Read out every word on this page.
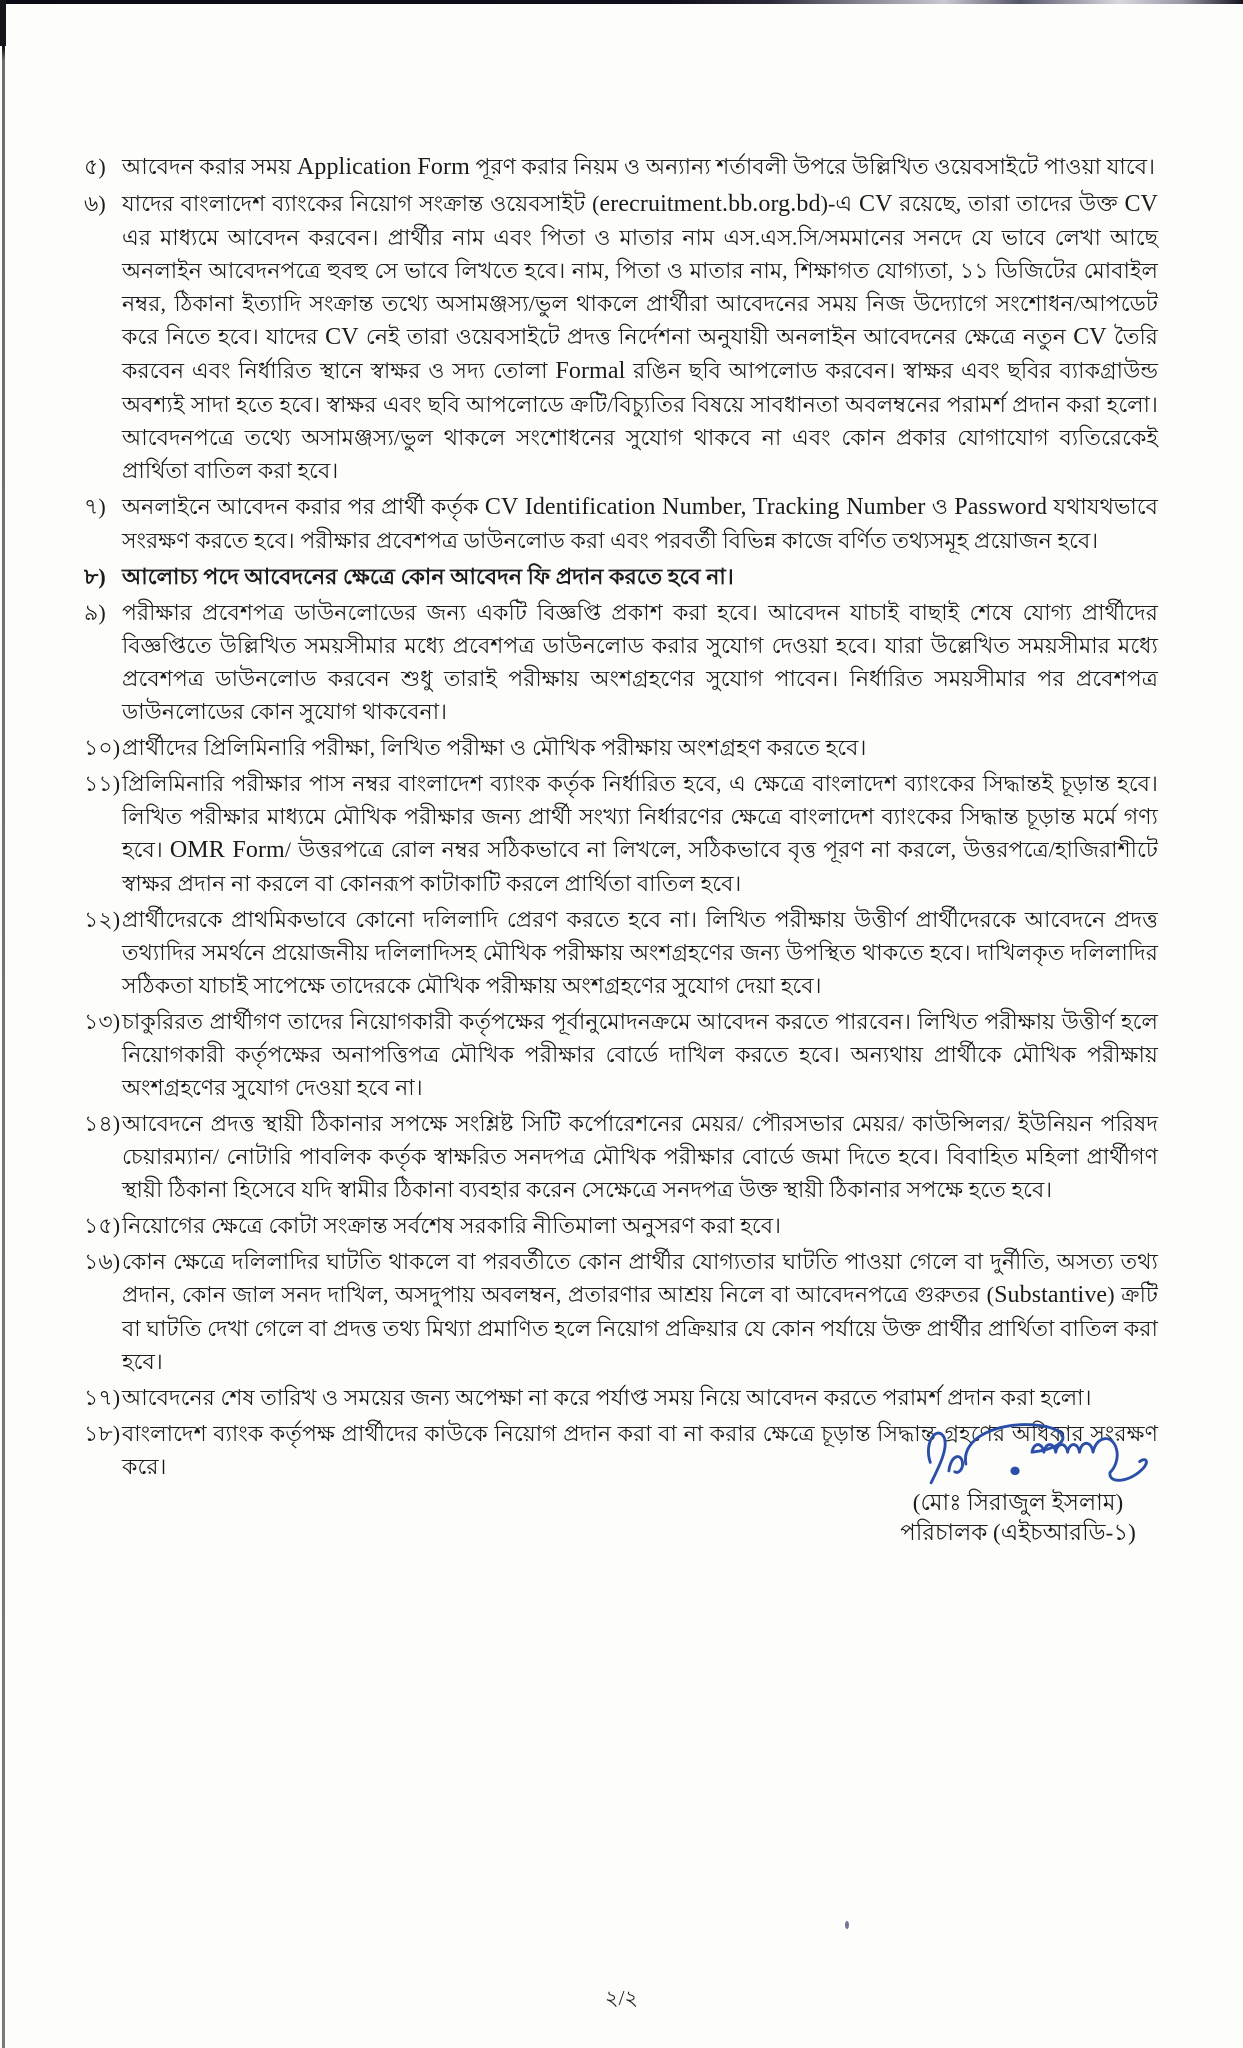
৫) আবেদন করার সময় Application Form পূরণ করার নিয়ম ও অন্যান্য শর্তাবলী উপরে উল্লিখিত ওয়েবসাইটে পাওয়া যাবে।
৬) যাদের বাংলাদেশ ব্যাংকের নিয়োগ সংক্রান্ত ওয়েবসাইট (erecruitment.bb.org.bd)-এ CV রয়েছে, তারা তাদের উক্ত CV এর মাধ্যমে আবেদন করবেন। প্রার্থীর নাম এবং পিতা ও মাতার নাম এস.এস.সি/সমমানের সনদে যে ভাবে লেখা আছে অনলাইন আবেদনপত্রে হুবহু সে ভাবে লিখতে হবে। নাম, পিতা ও মাতার নাম, শিক্ষাগত যোগ্যতা, ১১ ডিজিটের মোবাইল নম্বর, ঠিকানা ইত্যাদি সংক্রান্ত তথ্যে অসামঞ্জস্য/ভুল থাকলে প্রার্থীরা আবেদনের সময় নিজ উদ্যোগে সংশোধন/আপডেট করে নিতে হবে। যাদের CV নেই তারা ওয়েবসাইটে প্রদত্ত নির্দেশনা অনুযায়ী অনলাইন আবেদনের ক্ষেত্রে নতুন CV তৈরি করবেন এবং নির্ধারিত স্থানে স্বাক্ষর ও সদ্য তোলা Formal রঙিন ছবি আপলোড করবেন। স্বাক্ষর এবং ছবির ব্যাকগ্রাউন্ড অবশ্যই সাদা হতে হবে। স্বাক্ষর এবং ছবি আপলোডে ক্রটি/বিচ্যুতির বিষয়ে সাবধানতা অবলম্বনের পরামর্শ প্রদান করা হলো। আবেদনপত্রে তথ্যে অসামঞ্জস্য/ভুল থাকলে সংশোধনের সুযোগ থাকবে না এবং কোন প্রকার যোগাযোগ ব্যতিরেকেই প্রার্থিতা বাতিল করা হবে।
৭) অনলাইনে আবেদন করার পর প্রার্থী কর্তৃক CV Identification Number, Tracking Number ও Password যথাযথভাবে সংরক্ষণ করতে হবে। পরীক্ষার প্রবেশপত্র ডাউনলোড করা এবং পরবর্তী বিভিন্ন কাজে বর্ণিত তথ্যসমূহ প্রয়োজন হবে।
৮) আলোচ্য পদে আবেদনের ক্ষেত্রে কোন আবেদন ফি প্রদান করতে হবে না।
৯) পরীক্ষার প্রবেশপত্র ডাউনলোডের জন্য একটি বিজ্ঞপ্তি প্রকাশ করা হবে। আবেদন যাচাই বাছাই শেষে যোগ্য প্রার্থীদের বিজ্ঞপ্তিতে উল্লিখিত সময়সীমার মধ্যে প্রবেশপত্র ডাউনলোড করার সুযোগ দেওয়া হবে। যারা উল্লেখিত সময়সীমার মধ্যে প্রবেশপত্র ডাউনলোড করবেন শুধু তারাই পরীক্ষায় অংশগ্রহণের সুযোগ পাবেন। নির্ধারিত সময়সীমার পর প্রবেশপত্র ডাউনলোডের কোন সুযোগ থাকবেনা।
১০) প্রার্থীদের প্রিলিমিনারি পরীক্ষা, লিখিত পরীক্ষা ও মৌখিক পরীক্ষায় অংশগ্রহণ করতে হবে।
১১) প্রিলিমিনারি পরীক্ষার পাস নম্বর বাংলাদেশ ব্যাংক কর্তৃক নির্ধারিত হবে, এ ক্ষেত্রে বাংলাদেশ ব্যাংকের সিদ্ধান্তই চূড়ান্ত হবে। লিখিত পরীক্ষার মাধ্যমে মৌখিক পরীক্ষার জন্য প্রার্থী সংখ্যা নির্ধারণের ক্ষেত্রে বাংলাদেশ ব্যাংকের সিদ্ধান্ত চূড়ান্ত মর্মে গণ্য হবে। OMR Form/ উত্তরপত্রে রোল নম্বর সঠিকভাবে না লিখলে, সঠিকভাবে বৃত্ত পূরণ না করলে, উত্তরপত্রে/হাজিরাশীটে স্বাক্ষর প্রদান না করলে বা কোনরূপ কাটাকাটি করলে প্রার্থিতা বাতিল হবে।
১২) প্রার্থীদেরকে প্রাথমিকভাবে কোনো দলিলাদি প্রেরণ করতে হবে না। লিখিত পরীক্ষায় উত্তীর্ণ প্রার্থীদেরকে আবেদনে প্রদত্ত তথ্যাদির সমর্থনে প্রয়োজনীয় দলিলাদিসহ মৌখিক পরীক্ষায় অংশগ্রহণের জন্য উপস্থিত থাকতে হবে। দাখিলকৃত দলিলাদির সঠিকতা যাচাই সাপেক্ষে তাদেরকে মৌখিক পরীক্ষায় অংশগ্রহণের সুযোগ দেয়া হবে।
১৩) চাকুরিরত প্রার্থীগণ তাদের নিয়োগকারী কর্তৃপক্ষের পূর্বানুমোদনক্রমে আবেদন করতে পারবেন। লিখিত পরীক্ষায় উত্তীর্ণ হলে নিয়োগকারী কর্তৃপক্ষের অনাপত্তিপত্র মৌখিক পরীক্ষার বোর্ডে দাখিল করতে হবে। অন্যথায় প্রার্থীকে মৌখিক পরীক্ষায় অংশগ্রহণের সুযোগ দেওয়া হবে না।
১৪) আবেদনে প্রদত্ত স্থায়ী ঠিকানার সপক্ষে সংশ্লিষ্ট সিটি কর্পোরেশনের মেয়র/ পৌরসভার মেয়র/ কাউন্সিলর/ ইউনিয়ন পরিষদ চেয়ারম্যান/ নোটারি পাবলিক কর্তৃক স্বাক্ষরিত সনদপত্র মৌখিক পরীক্ষার বোর্ডে জমা দিতে হবে। বিবাহিত মহিলা প্রার্থীগণ স্থায়ী ঠিকানা হিসেবে যদি স্বামীর ঠিকানা ব্যবহার করেন সেক্ষেত্রে সনদপত্র উক্ত স্থায়ী ঠিকানার সপক্ষে হতে হবে।
১৫) নিয়োগের ক্ষেত্রে কোটা সংক্রান্ত সর্বশেষ সরকারি নীতিমালা অনুসরণ করা হবে।
১৬) কোন ক্ষেত্রে দলিলাদির ঘাটতি থাকলে বা পরবর্তীতে কোন প্রার্থীর যোগ্যতার ঘাটতি পাওয়া গেলে বা দুর্নীতি, অসত্য তথ্য প্রদান, কোন জাল সনদ দাখিল, অসদুপায় অবলম্বন, প্রতারণার আশ্রয় নিলে বা আবেদনপত্রে গুরুতর (Substantive) ক্রটি বা ঘাটতি দেখা গেলে বা প্রদত্ত তথ্য মিথ্যা প্রমাণিত হলে নিয়োগ প্রক্রিয়ার যে কোন পর্যায়ে উক্ত প্রার্থীর প্রার্থিতা বাতিল করা হবে।
১৭) আবেদনের শেষ তারিখ ও সময়ের জন্য অপেক্ষা না করে পর্যাপ্ত সময় নিয়ে আবেদন করতে পরামর্শ প্রদান করা হলো।
১৮) বাংলাদেশ ব্যাংক কর্তৃপক্ষ প্রার্থীদের কাউকে নিয়োগ প্রদান করা বা না করার ক্ষেত্রে চূড়ান্ত সিদ্ধান্ত গ্রহণের অধিকার সংরক্ষণ করে।
(মোঃ সিরাজুল ইসলাম)
পরিচালক (এইচআরডি-১)
২/২
